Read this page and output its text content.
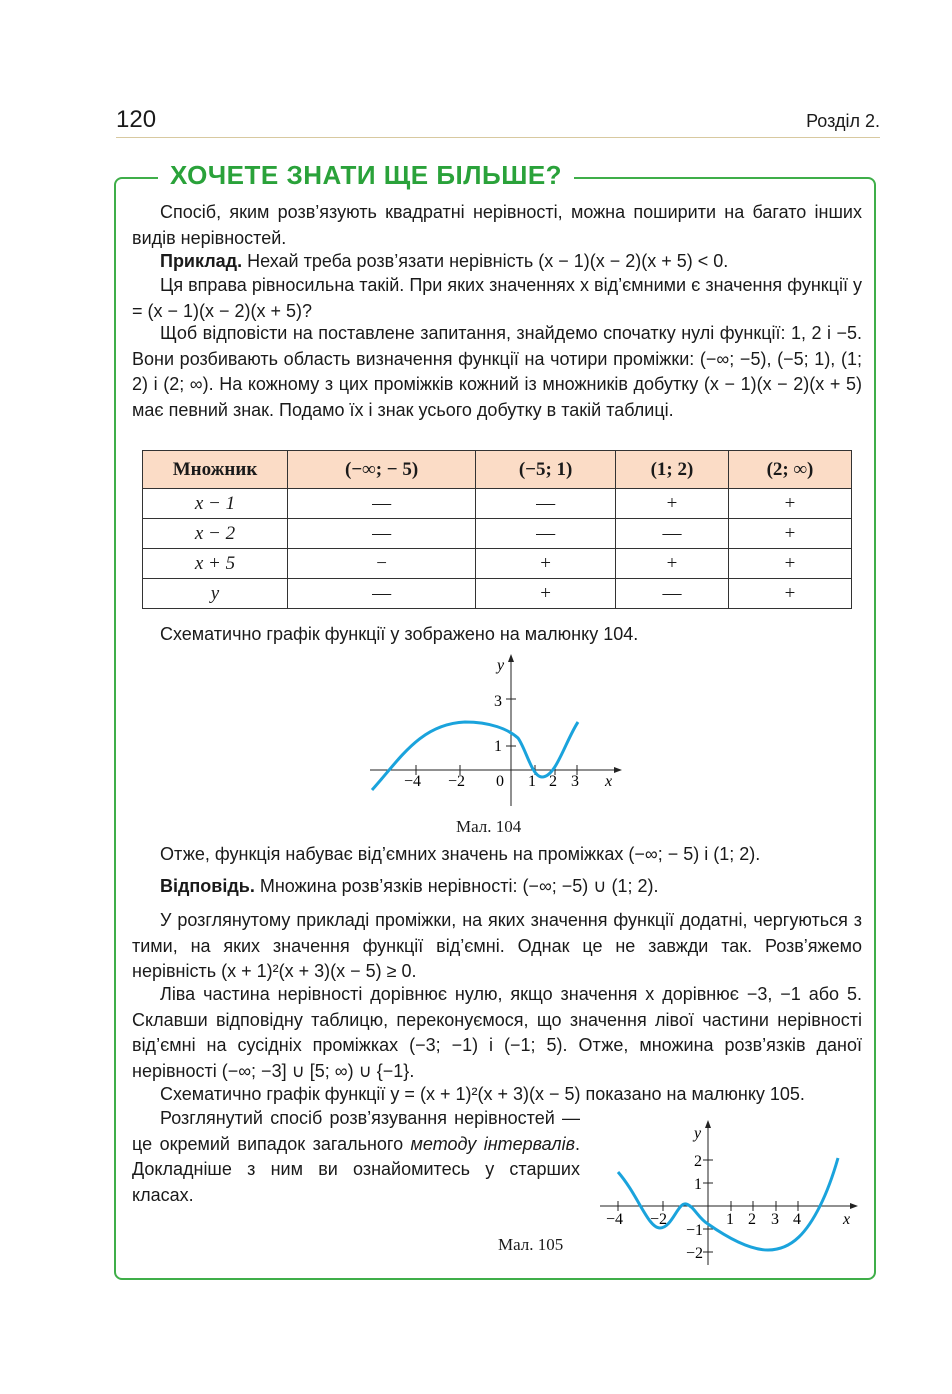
120	Розділ 2.
ХОЧЕТЕ ЗНАТИ ЩЕ БІЛЬШЕ?
Спосіб, яким розв’язують квадратні нерівності, можна поширити на багато інших видів нерівностей.
Приклад. Нехай треба розв’язати нерівність (x − 1)(x − 2)(x + 5) < 0.
Ця вправа рівносильна такій. При яких значеннях x від’ємними є значення функції y = (x − 1)(x − 2)(x + 5)?
Щоб відповісти на поставлене запитання, знайдемо спочатку нулі функції: 1, 2 і −5. Вони розбивають область визначення функції на чотири проміжки: (−∞; −5), (−5; 1), (1; 2) і (2; ∞). На кожному з цих проміжків кожний із множників добутку (x − 1)(x − 2)(x + 5) має певний знак. Подамо їх і знак усього добутку в такій таблиці.
Множник	(−∞; − 5)	(−5; 1)	(1; 2)	(2; ∞)
x − 1	—	—	+	+
x − 2	—	—	—	+
x + 5	−	+	+	+
y	—	+	—	+
Схематично графік функції y зображено на малюнку 104.
y
x
3
1
−4 −2 0 1 2 3
Мал. 104
Отже, функція набуває від’ємних значень на проміжках (−∞; − 5) і (1; 2).
Відповідь. Множина розв’язків нерівності: (−∞; −5) ∪ (1; 2).
У розглянутому прикладі проміжки, на яких значення функції додатні, чергуються з тими, на яких значення функції від’ємні. Однак це не завжди так. Розв’яжемо нерівність (x + 1)²(x + 3)(x − 5) ≥ 0.
Ліва частина нерівності дорівнює нулю, якщо значення x дорівнює −3, −1 або 5. Склавши відповідну таблицю, переконуємося, що значення лівої частини нерівності від’ємні на сусідніх проміжках (−3; −1) і (−1; 5). Отже, множина розв’язків даної нерівності (−∞; −3] ∪ [5; ∞) ∪ {−1}.
Схематично графік функції y = (x + 1)²(x + 3)(x − 5) показано на малюнку 105.
Розглянутий спосіб розв’язування нерівностей — це окремий випадок загального методу інтервалів. Докладніше з ним ви ознайомитесь у старших класах.
Мал. 105
y
x
2
1
−1
−2
−4 −2	1 2 3 4
